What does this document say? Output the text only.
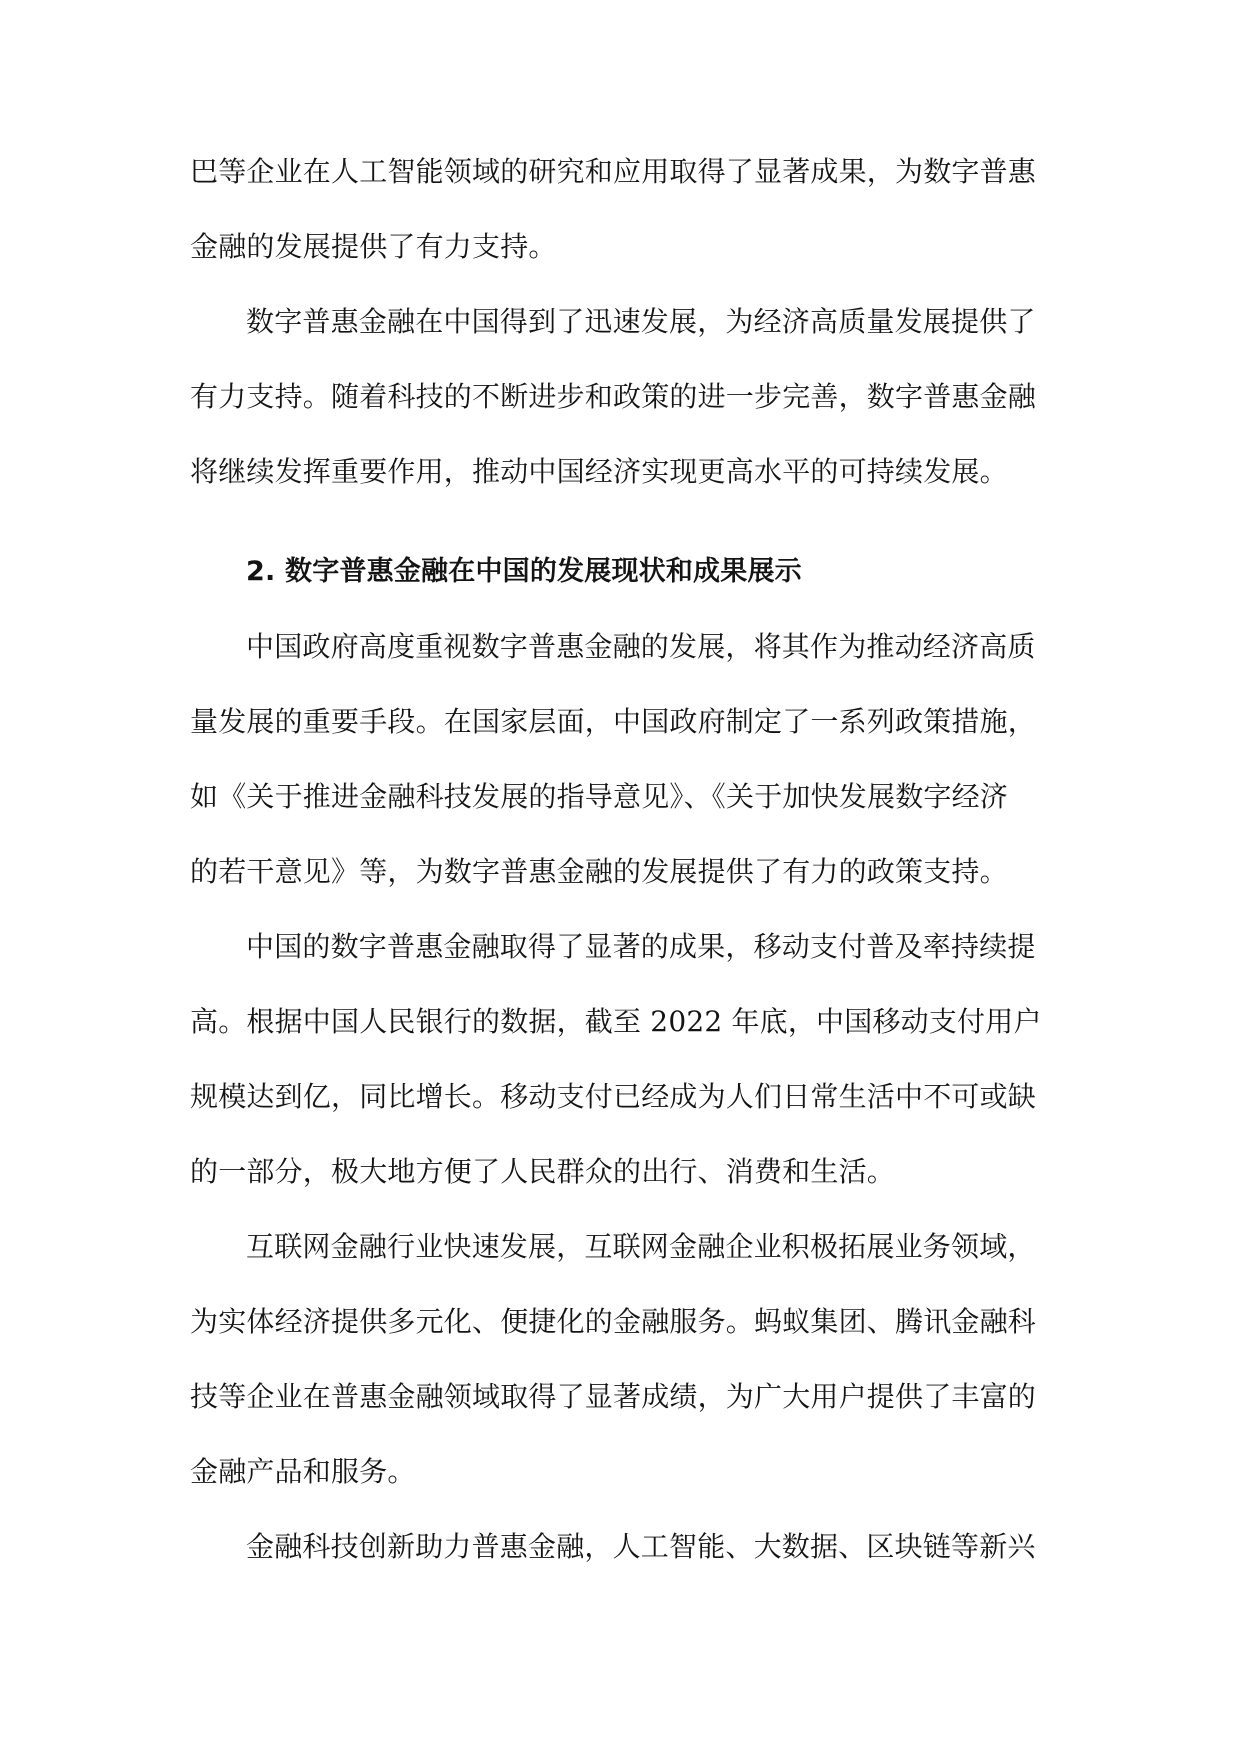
巴等企业在人工智能领域的研究和应用取得了显著成果，为数字普惠
金融的发展提供了有力支持。
数字普惠金融在中国得到了迅速发展，为经济高质量发展提供了
有力支持。随着科技的不断进步和政策的进一步完善，数字普惠金融
将继续发挥重要作用，推动中国经济实现更高水平的可持续发展。
2. 数字普惠金融在中国的发展现状和成果展示
中国政府高度重视数字普惠金融的发展，将其作为推动经济高质
量发展的重要手段。在国家层面，中国政府制定了一系列政策措施，
如《关于推进金融科技发展的指导意见》、《关于加快发展数字经济
的若干意见》等，为数字普惠金融的发展提供了有力的政策支持。
中国的数字普惠金融取得了显著的成果，移动支付普及率持续提
高。根据中国人民银行的数据，截至 2022 年底，中国移动支付用户
规模达到亿，同比增长。移动支付已经成为人们日常生活中不可或缺
的一部分，极大地方便了人民群众的出行、消费和生活。
互联网金融行业快速发展，互联网金融企业积极拓展业务领域，
为实体经济提供多元化、便捷化的金融服务。蚂蚁集团、腾讯金融科
技等企业在普惠金融领域取得了显著成绩，为广大用户提供了丰富的
金融产品和服务。
金融科技创新助力普惠金融，人工智能、大数据、区块链等新兴
